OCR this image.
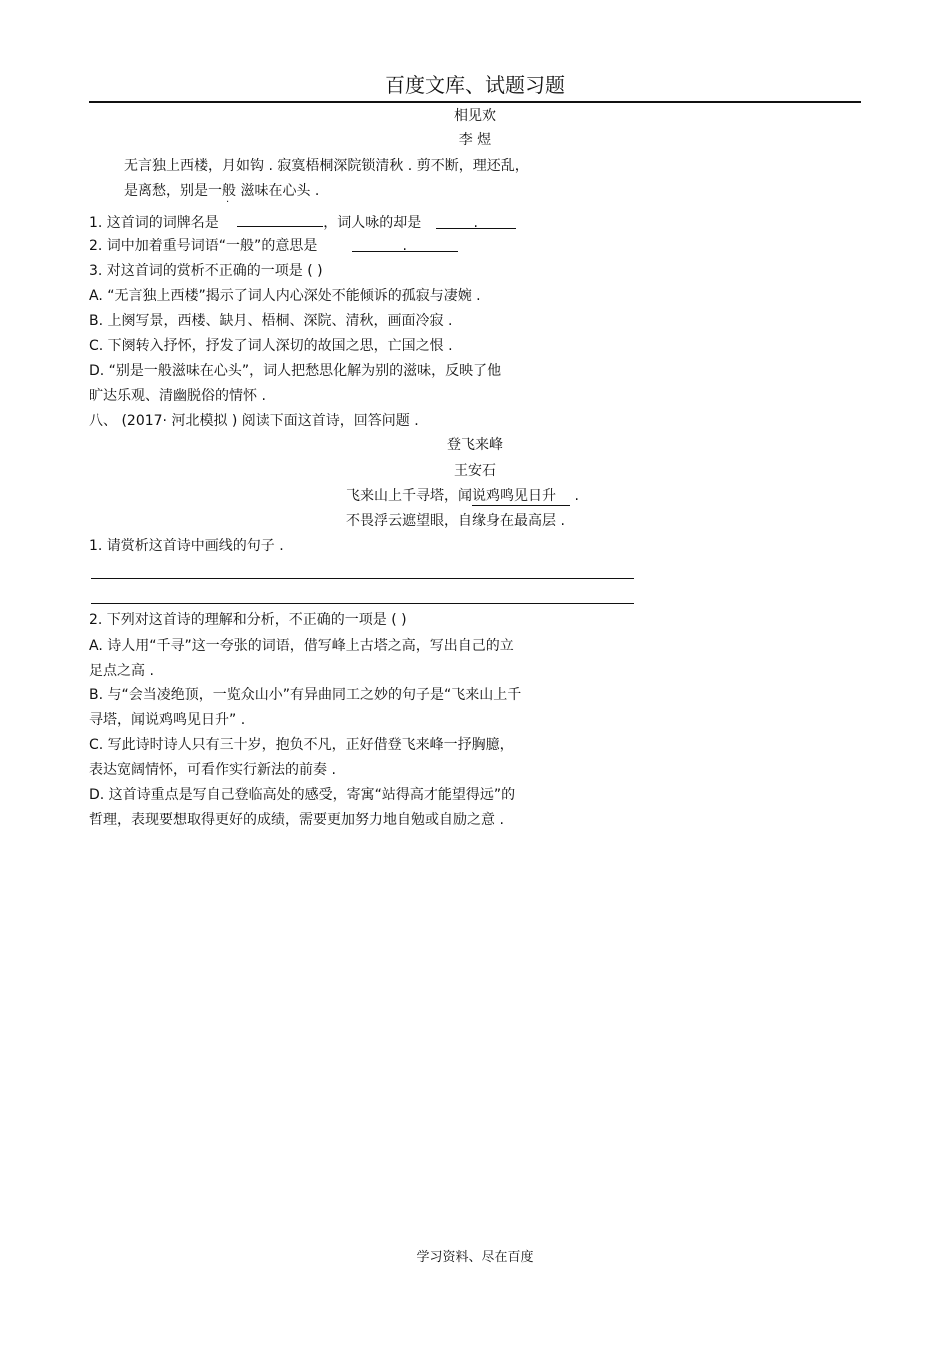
百度文库、试题习题
相见欢
李 煜
无言独上西楼，月如钩 . 寂寞梧桐深院锁清秋 . 剪不断，理还乱，
是离愁，别是一般
·
滋味在心头 .
1. 这首词的词牌名是	，词人咏的却是	.
2. 词中加着重号词语“一般”的意思是	.
3. 对这首词的赏析不正确的一项是 ( )
A. “无言独上西楼”揭示了词人内心深处不能倾诉的孤寂与凄婉 .
B. 上阕写景，西楼、缺月、梧桐、深院、清秋，画面冷寂 .
C. 下阕转入抒怀，抒发了词人深切的故国之思，亡国之恨 .
D. “别是一般滋味在心头”，词人把愁思化解为别的滋味，反映了他
旷达乐观、清幽脱俗的情怀 .
八、 (2017· 河北模拟 ) 阅读下面这首诗，回答问题 .
登飞来峰
王安石
飞来山上千寻塔，闻说鸡鸣见日升  .
不畏浮云遮望眼，自缘身在最高层 .
1. 请赏析这首诗中画线的句子 .
2. 下列对这首诗的理解和分析，不正确的一项是 ( )
A. 诗人用“千寻”这一夸张的词语，借写峰上古塔之高，写出自己的立
足点之高 .
B. 与“会当凌绝顶，一览众山小”有异曲同工之妙的句子是“飞来山上千
寻塔，闻说鸡鸣见日升” .
C. 写此诗时诗人只有三十岁，抱负不凡，正好借登飞来峰一抒胸臆，
表达宽阔情怀，可看作实行新法的前奏 .
D. 这首诗重点是写自己登临高处的感受，寄寓“站得高才能望得远”的
哲理，表现要想取得更好的成绩，需要更加努力地自勉或自励之意 .
学习资料、尽在百度
